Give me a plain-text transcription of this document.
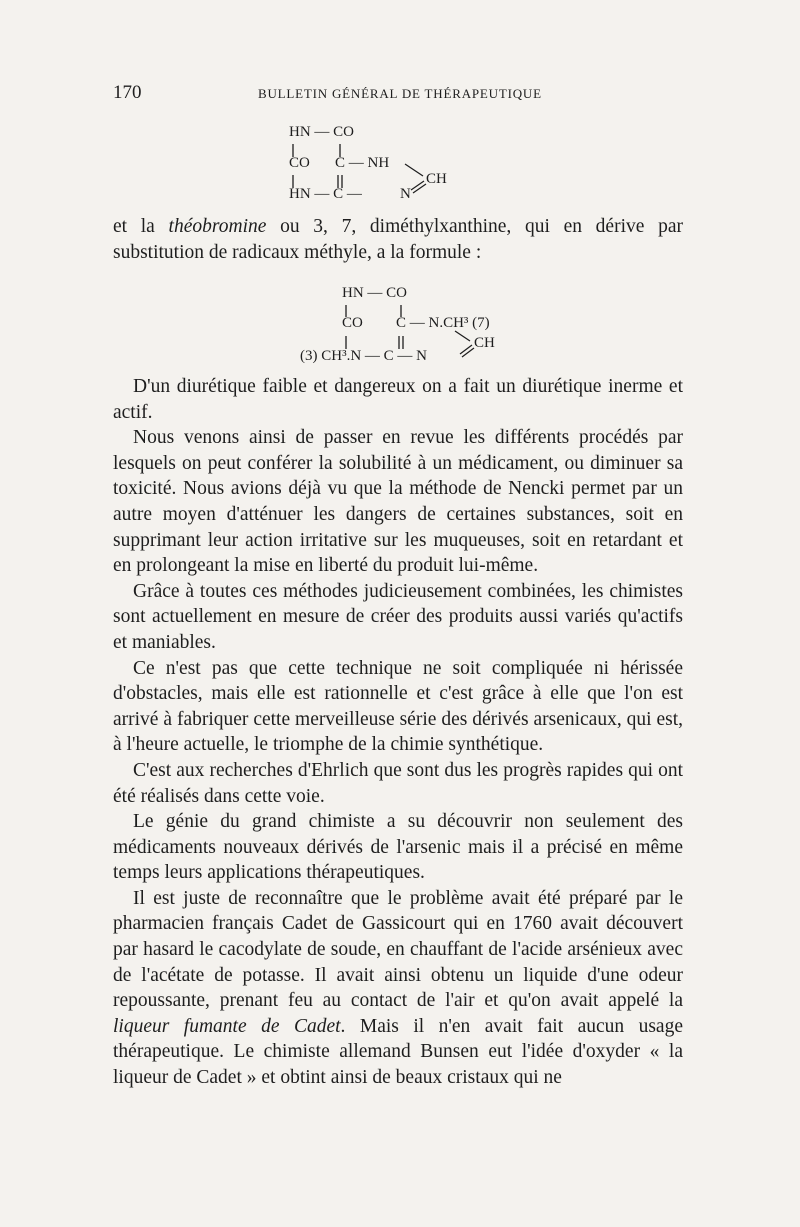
170	BULLETIN GÉNÉRAL DE THÉRAPEUTIQUE
HN — CO
CO C — NH
HN — C —	N
CH

et la théobromine ou 3, 7, diméthylxanthine, qui en dérive par substitution de radicaux méthyle, a la formule :

HN — CO
CO C — N.CH³ (7)
(3) CH³.N — C — N
CH

D'un diurétique faible et dangereux on a fait un diurétique inerme et actif.

Nous venons ainsi de passer en revue les différents procédés par lesquels on peut conférer la solubilité à un médicament, ou diminuer sa toxicité. Nous avions déjà vu que la méthode de Nencki permet par un autre moyen d'atténuer les dangers de certaines substances, soit en supprimant leur action irritative sur les muqueuses, soit en retardant et en prolongeant la mise en liberté du produit lui-même.

Grâce à toutes ces méthodes judicieusement combinées, les chimistes sont actuellement en mesure de créer des produits aussi variés qu'actifs et maniables.

Ce n'est pas que cette technique ne soit compliquée ni hérissée d'obstacles, mais elle est rationnelle et c'est grâce à elle que l'on est arrivé à fabriquer cette merveilleuse série des dérivés arsenicaux, qui est, à l'heure actuelle, le triomphe de la chimie synthétique.

C'est aux recherches d'Ehrlich que sont dus les progrès rapides qui ont été réalisés dans cette voie.

Le génie du grand chimiste a su découvrir non seulement des médicaments nouveaux dérivés de l'arsenic mais il a précisé en même temps leurs applications thérapeutiques.

Il est juste de reconnaître que le problème avait été préparé par le pharmacien français Cadet de Gassicourt qui en 1760 avait découvert par hasard le cacodylate de soude, en chauffant de l'acide arsénieux avec de l'acétate de potasse. Il avait ainsi obtenu un liquide d'une odeur repoussante, prenant feu au contact de l'air et qu'on avait appelé la liqueur fumante de Cadet. Mais il n'en avait fait aucun usage thérapeutique. Le chimiste allemand Bunsen eut l'idée d'oxyder « la liqueur de Cadet » et obtint ainsi de beaux cristaux qui ne
